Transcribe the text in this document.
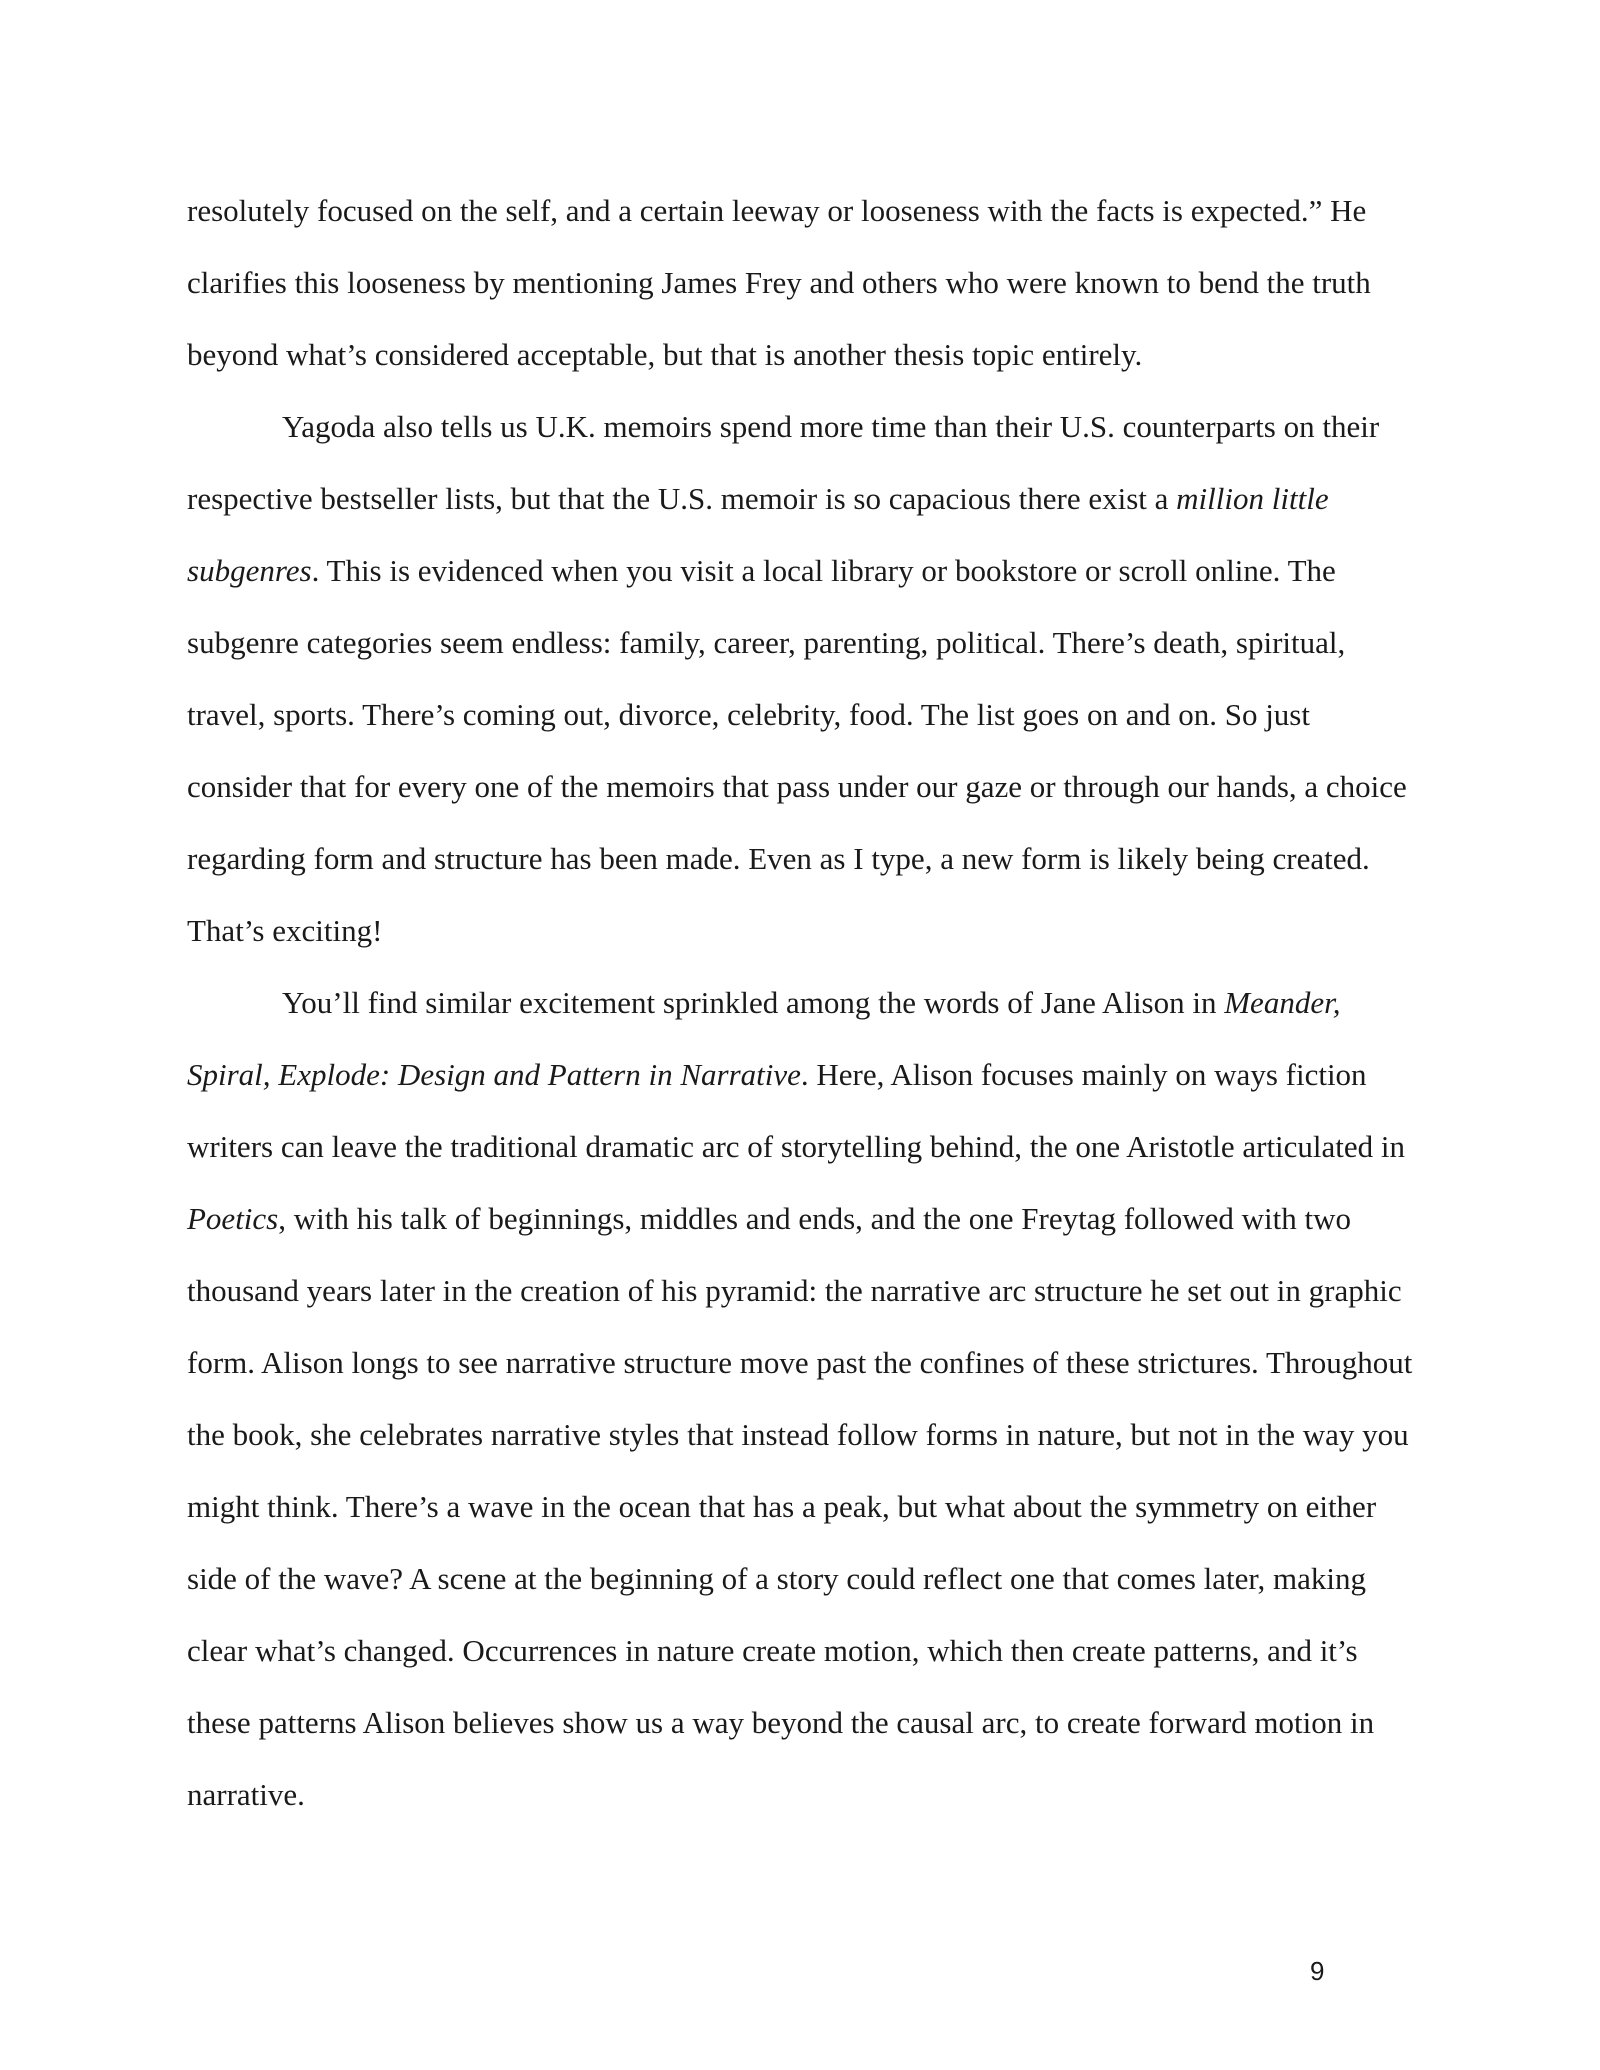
resolutely focused on the self, and a certain leeway or looseness with the facts is expected.” He clarifies this looseness by mentioning James Frey and others who were known to bend the truth beyond what’s considered acceptable, but that is another thesis topic entirely.

Yagoda also tells us U.K. memoirs spend more time than their U.S. counterparts on their respective bestseller lists, but that the U.S. memoir is so capacious there exist a million little subgenres. This is evidenced when you visit a local library or bookstore or scroll online. The subgenre categories seem endless: family, career, parenting, political. There’s death, spiritual, travel, sports. There’s coming out, divorce, celebrity, food. The list goes on and on. So just consider that for every one of the memoirs that pass under our gaze or through our hands, a choice regarding form and structure has been made. Even as I type, a new form is likely being created. That’s exciting!

You’ll find similar excitement sprinkled among the words of Jane Alison in Meander, Spiral, Explode: Design and Pattern in Narrative. Here, Alison focuses mainly on ways fiction writers can leave the traditional dramatic arc of storytelling behind, the one Aristotle articulated in Poetics, with his talk of beginnings, middles and ends, and the one Freytag followed with two thousand years later in the creation of his pyramid: the narrative arc structure he set out in graphic form. Alison longs to see narrative structure move past the confines of these strictures. Throughout the book, she celebrates narrative styles that instead follow forms in nature, but not in the way you might think. There’s a wave in the ocean that has a peak, but what about the symmetry on either side of the wave? A scene at the beginning of a story could reflect one that comes later, making clear what’s changed. Occurrences in nature create motion, which then create patterns, and it’s these patterns Alison believes show us a way beyond the causal arc, to create forward motion in narrative.

9
